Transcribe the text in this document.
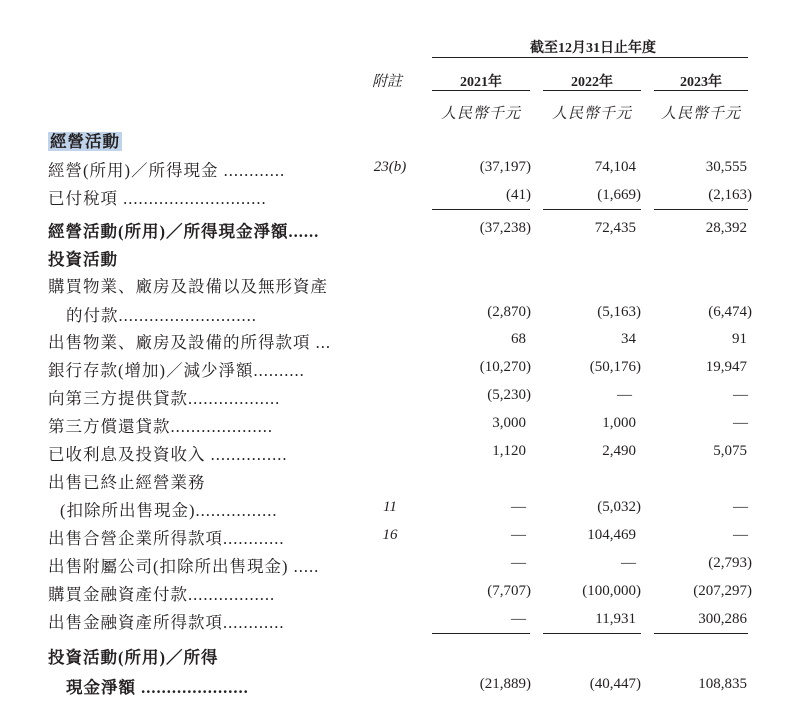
截至12月31日止年度
附註	2021年	2022年	2023年
人民幣千元	人民幣千元	人民幣千元
經營活動
經營(所用)／所得現金 ............	23(b)	(37,197)	74,104	30,555
已付稅項 ............................	(41)	(1,669)	(2,163)
經營活動(所用)／所得現金淨額......	(37,238)	72,435	28,392
投資活動
購買物業、廠房及設備以及無形資產
的付款...........................	(2,870)	(5,163)	(6,474)
出售物業、廠房及設備的所得款項 ...	68	34	91
銀行存款(增加)／減少淨額..........	(10,270)	(50,176)	19,947
向第三方提供貸款..................	(5,230)	—	—
第三方償還貸款....................	3,000	1,000	—
已收利息及投資收入 ...............	1,120	2,490	5,075
出售已終止經營業務
(扣除所出售現金)................	11	—	(5,032)	—
出售合營企業所得款項............	16	—	104,469	—
出售附屬公司(扣除所出售現金) .....	—	—	(2,793)
購買金融資產付款.................	(7,707)	(100,000)	(207,297)
出售金融資產所得款項............	—	11,931	300,286
投資活動(所用)／所得
現金淨額 .....................	(21,889)	(40,447)	108,835
